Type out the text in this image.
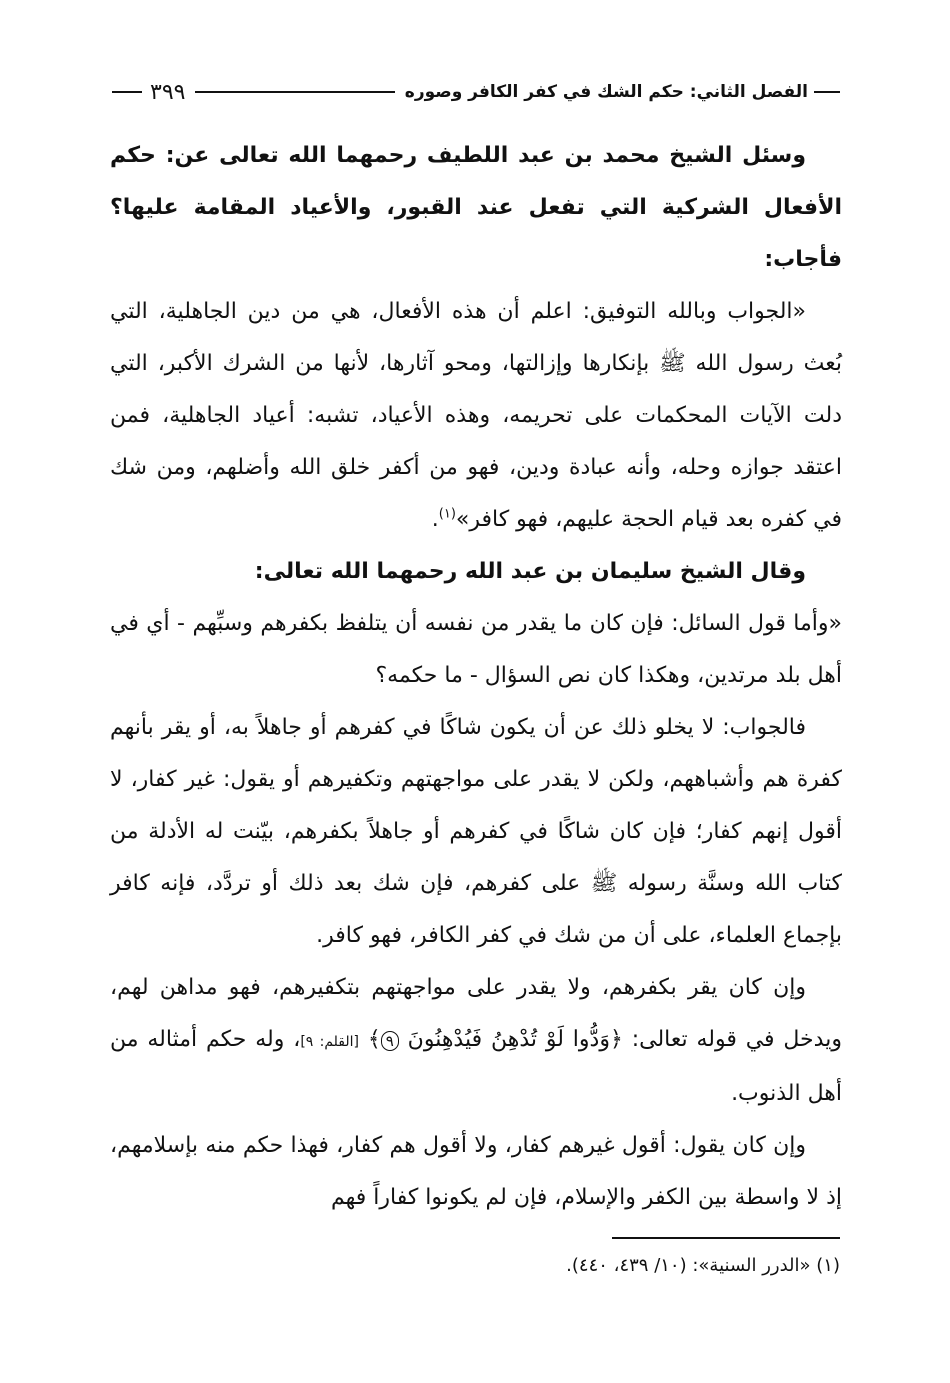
الفصل الثاني: حكم الشك في كفر الكافر وصوره
٣٩٩

وسئل الشيخ محمد بن عبد اللطيف رحمهما الله تعالى عن: حكم الأفعال الشركية التي تفعل عند القبور، والأعياد المقامة عليها؟ فأجاب:

«الجواب وبالله التوفيق: اعلم أن هذه الأفعال، هي من دين الجاهلية، التي بُعث رسول الله ﷺ بإنكارها وإزالتها، ومحو آثارها، لأنها من الشرك الأكبر، التي دلت الآيات المحكمات على تحريمه، وهذه الأعياد، تشبه: أعياد الجاهلية، فمن اعتقد جوازه وحله، وأنه عبادة ودين، فهو من أكفر خلق الله وأضلهم، ومن شك في كفره بعد قيام الحجة عليهم، فهو كافر»$^{(١)}$.

وقال الشيخ سليمان بن عبد الله رحمهما الله تعالى:

«وأما قول السائل: فإن كان ما يقدر من نفسه أن يتلفظ بكفرهم وسبِّهم - أي في أهل بلد مرتدين، وهكذا كان نص السؤال - ما حكمه؟

فالجواب: لا يخلو ذلك عن أن يكون شاكًا في كفرهم أو جاهلاً به، أو يقر بأنهم كفرة هم وأشباههم، ولكن لا يقدر على مواجهتهم وتكفيرهم أو يقول: غير كفار، لا أقول إنهم كفار؛ فإن كان شاكًا في كفرهم أو جاهلاً بكفرهم، بيّنت له الأدلة من كتاب الله وسنَّة رسوله ﷺ على كفرهم، فإن شك بعد ذلك أو تردَّد، فإنه كافر بإجماع العلماء، على أن من شك في كفر الكافر، فهو كافر.

وإن كان يقر بكفرهم، ولا يقدر على مواجهتهم بتكفيرهم، فهو مداهن لهم، ويدخل في قوله تعالى: ﴿وَدُّوا لَوْ تُدْهِنُ فَيُدْهِنُونَ ٩﴾ [القلم: ٩]، وله حكم أمثاله من أهل الذنوب.

وإن كان يقول: أقول غيرهم كفار، ولا أقول هم كفار، فهذا حكم منه بإسلامهم، إذ لا واسطة بين الكفر والإسلام، فإن لم يكونوا كفاراً فهم

(١) «الدرر السنية»: (١٠/ ٤٣٩، ٤٤٠).
